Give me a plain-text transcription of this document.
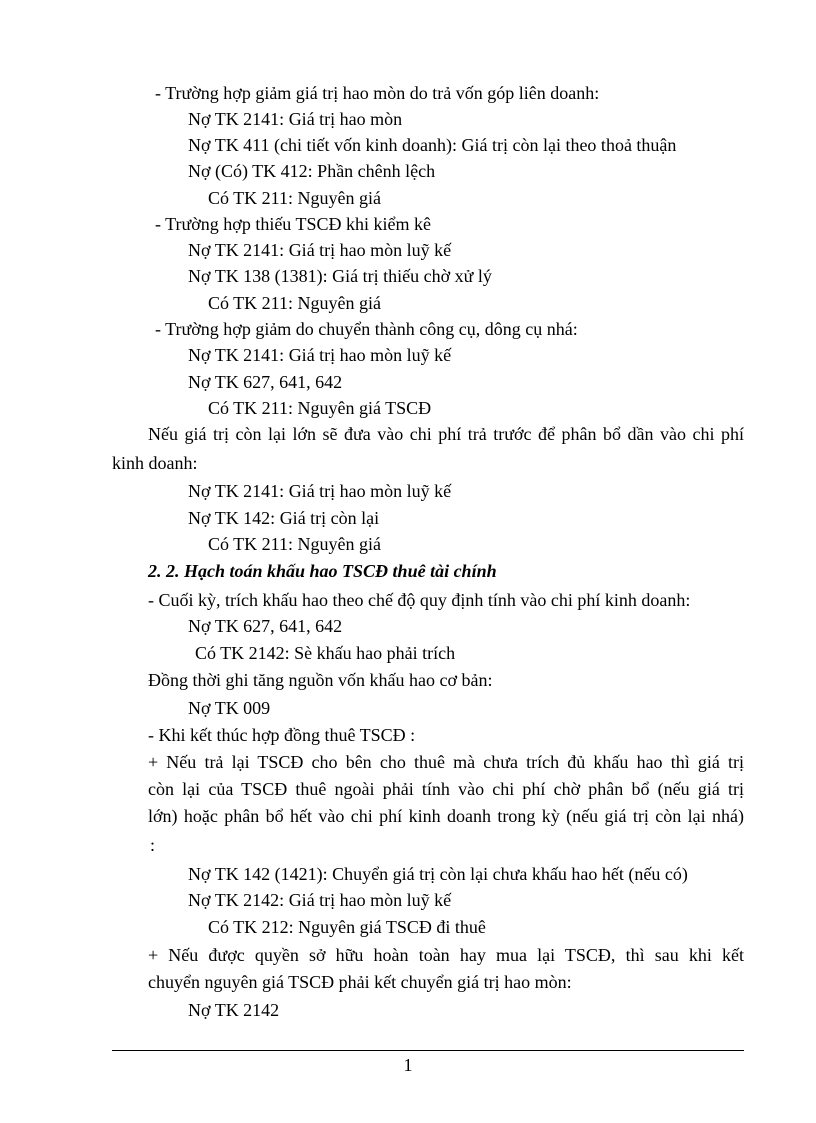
- Trường hợp giảm giá trị hao mòn do trả vốn góp liên doanh:
Nợ TK 2141: Giá trị hao mòn
Nợ TK 411 (chi tiết vốn kinh doanh): Giá trị còn lại theo thoả thuận
Nợ (Có) TK 412: Phần chênh lệch
Có TK 211: Nguyên giá
- Trường hợp thiếu TSCĐ khi kiểm kê
Nợ TK 2141: Giá trị hao mòn luỹ kế
Nợ TK 138 (1381): Giá trị thiếu chờ xử lý
Có TK 211: Nguyên giá
- Trường hợp giảm do chuyển thành công cụ, dông cụ nhá:
Nợ TK 2141: Giá trị hao mòn luỹ kế
Nợ TK 627, 641, 642
Có TK 211: Nguyên giá TSCĐ
Nếu giá trị còn lại lớn sẽ đưa vào chi phí trả trước để phân bổ dần vào chi phí
kinh doanh:
Nợ TK 2141: Giá trị hao mòn luỹ kế
Nợ TK 142: Giá trị còn lại
Có TK 211: Nguyên giá
2. 2. Hạch toán khấu hao TSCĐ thuê tài chính
- Cuối kỳ, trích khấu hao theo chế độ quy định tính vào chi phí kinh doanh:
Nợ TK 627, 641, 642
Có TK 2142: Sè khấu hao phải trích
Đồng thời ghi tăng nguồn vốn khấu hao cơ bản:
Nợ TK 009
- Khi kết thúc hợp đồng thuê TSCĐ :
+ Nếu trả lại TSCĐ cho bên cho thuê mà chưa trích đủ khấu hao thì giá trị
còn lại của TSCĐ thuê ngoài phải tính vào chi phí chờ phân bổ (nếu giá trị
lớn) hoặc phân bổ hết vào chi phí kinh doanh trong kỳ (nếu giá trị còn lại nhá)
:
Nợ TK 142 (1421): Chuyển giá trị còn lại chưa khấu hao hết (nếu có)
Nợ TK 2142: Giá trị hao mòn luỹ kế
Có TK 212: Nguyên giá TSCĐ đi thuê
+ Nếu được quyền sở hữu hoàn toàn hay mua lại TSCĐ, thì sau khi kết
chuyển nguyên giá TSCĐ phải kết chuyển giá trị hao mòn:
Nợ TK 2142
1
